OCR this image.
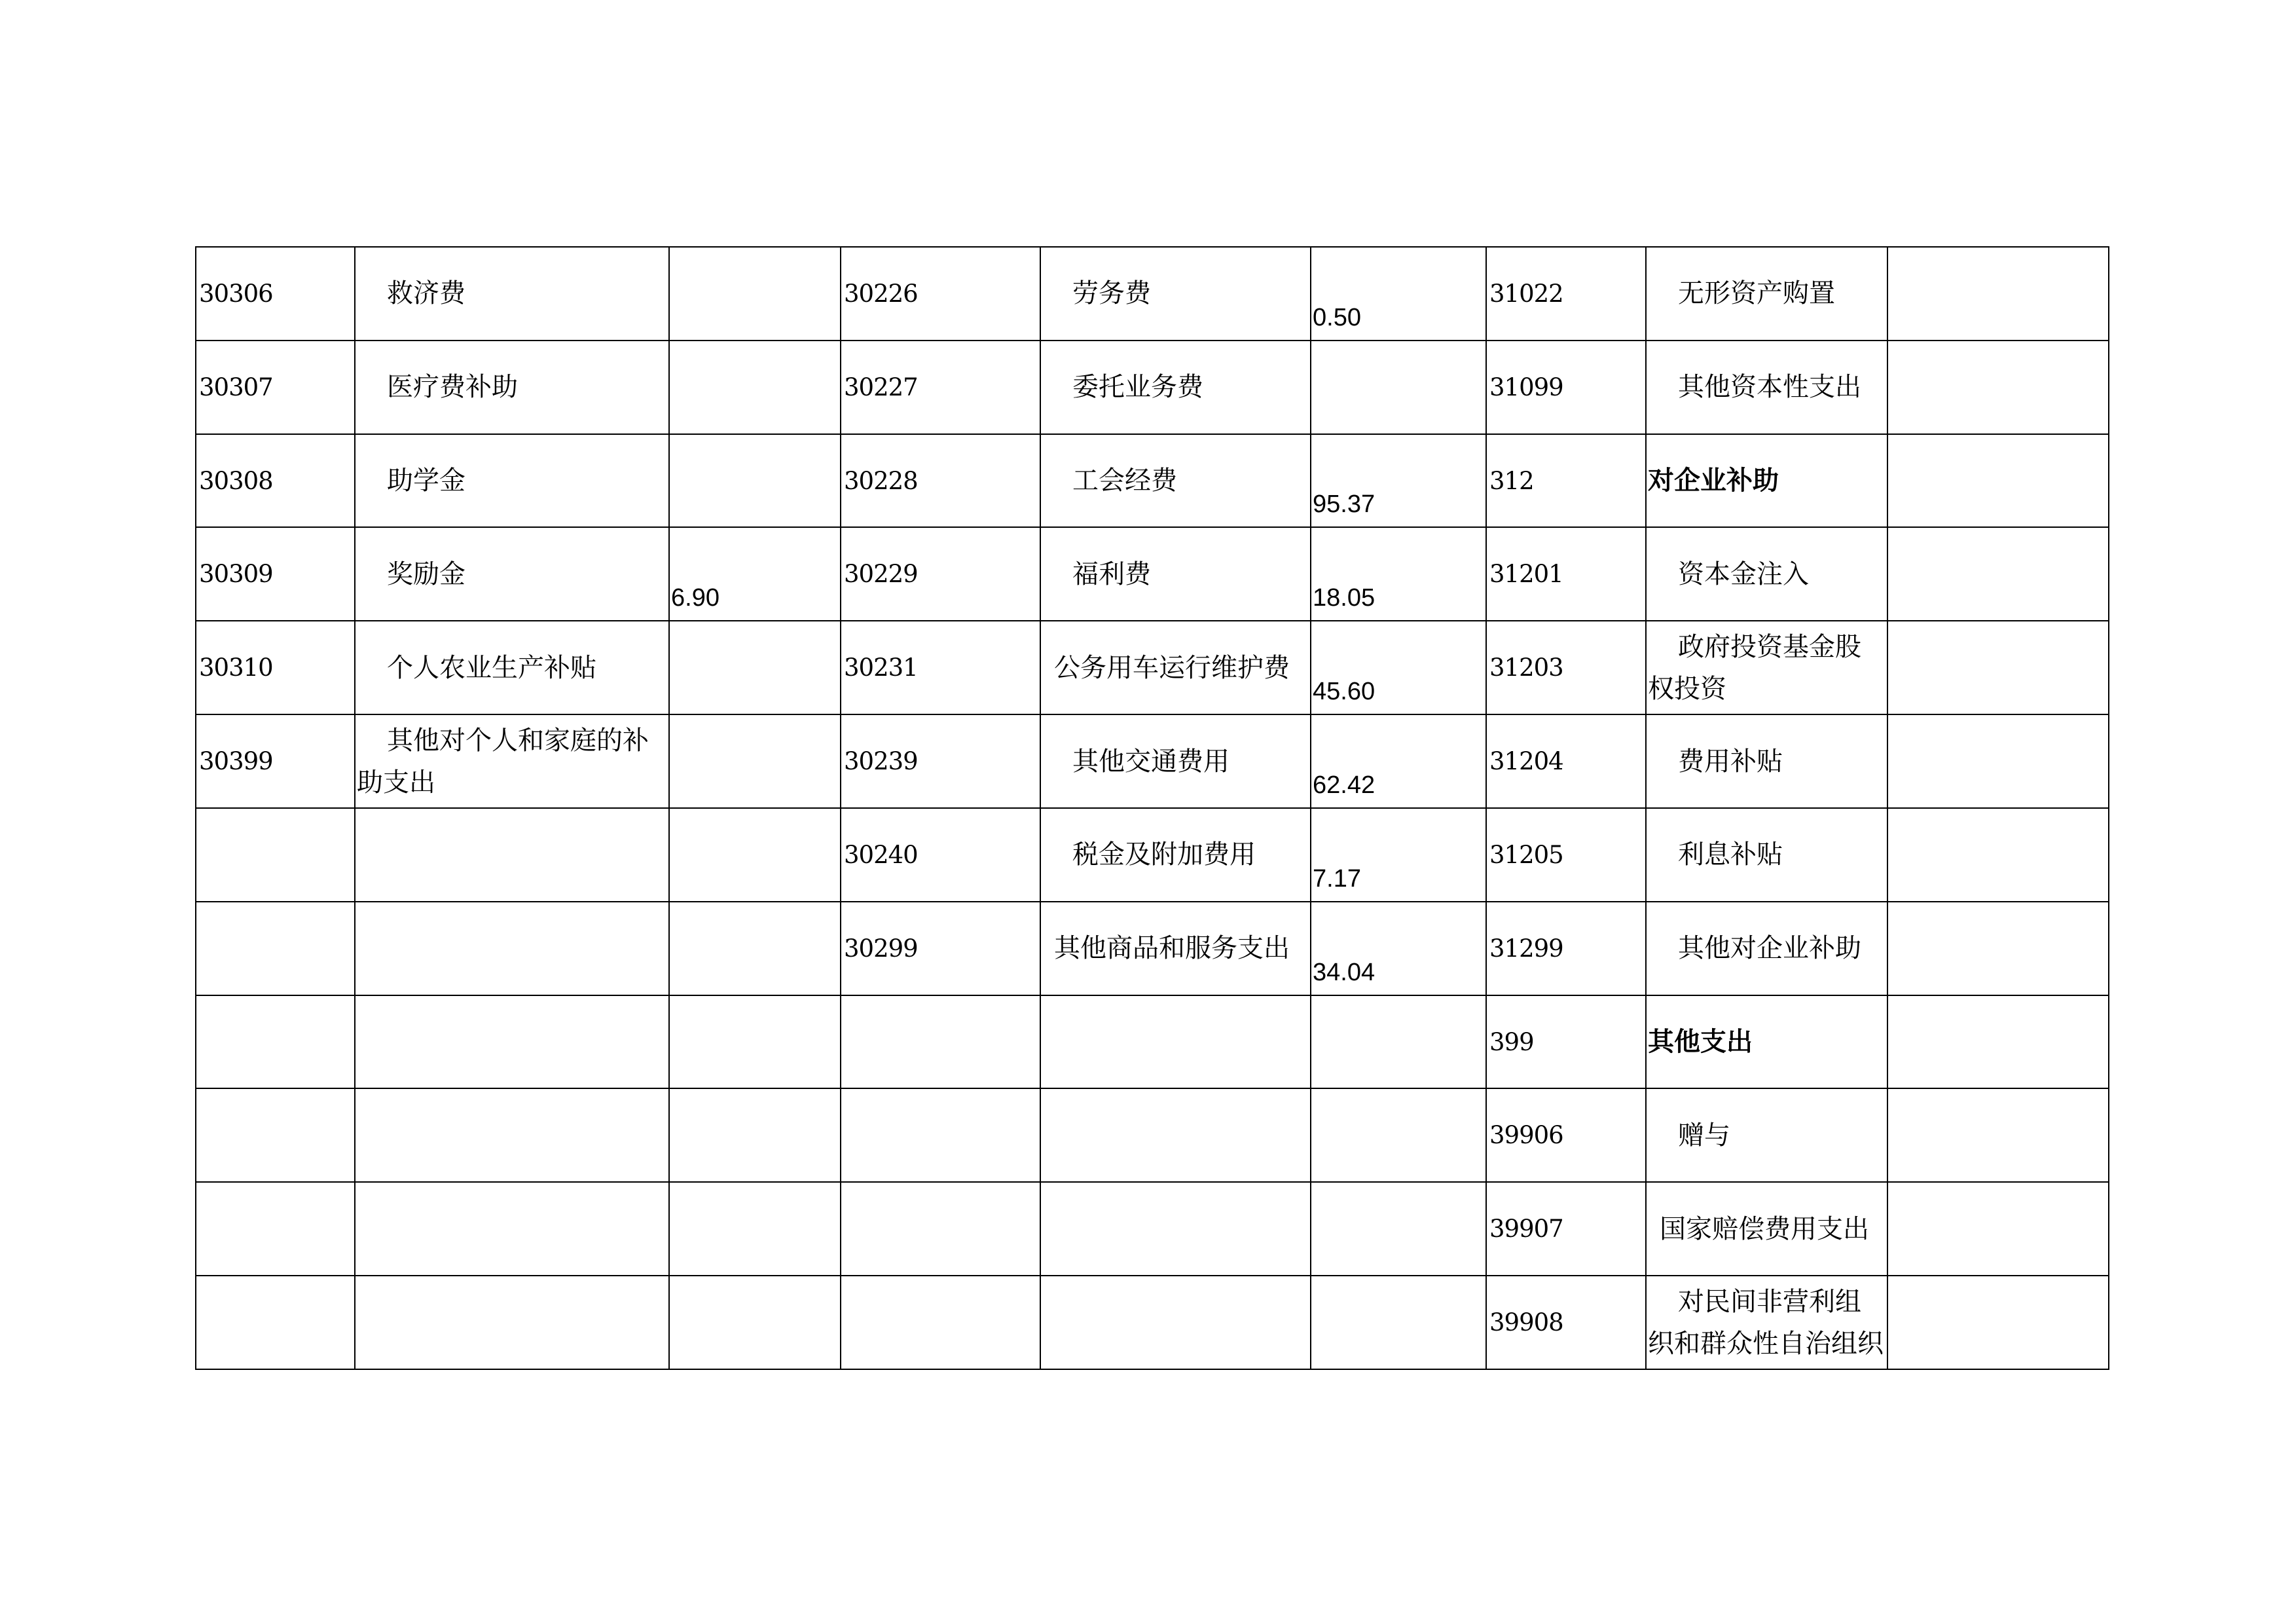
30306	救济费		30226	劳务费	0.50	31022	无形资产购置	
30307	医疗费补助		30227	委托业务费		31099	其他资本性支出	
30308	助学金		30228	工会经费	95.37	312	对企业补助	
30309	奖励金	6.90	30229	福利费	18.05	31201	资本金注入	
30310	个人农业生产补贴		30231	公务用车运行维护费	45.60	31203	政府投资基金股权投资	
30399	其他对个人和家庭的补助支出		30239	其他交通费用	62.42	31204	费用补贴	
			30240	税金及附加费用	7.17	31205	利息补贴	
			30299	其他商品和服务支出	34.04	31299	其他对企业补助	
						399	其他支出	
						39906	赠与	
						39907	国家赔偿费用支出	
						39908	对民间非营利组织和群众性自治组织	
